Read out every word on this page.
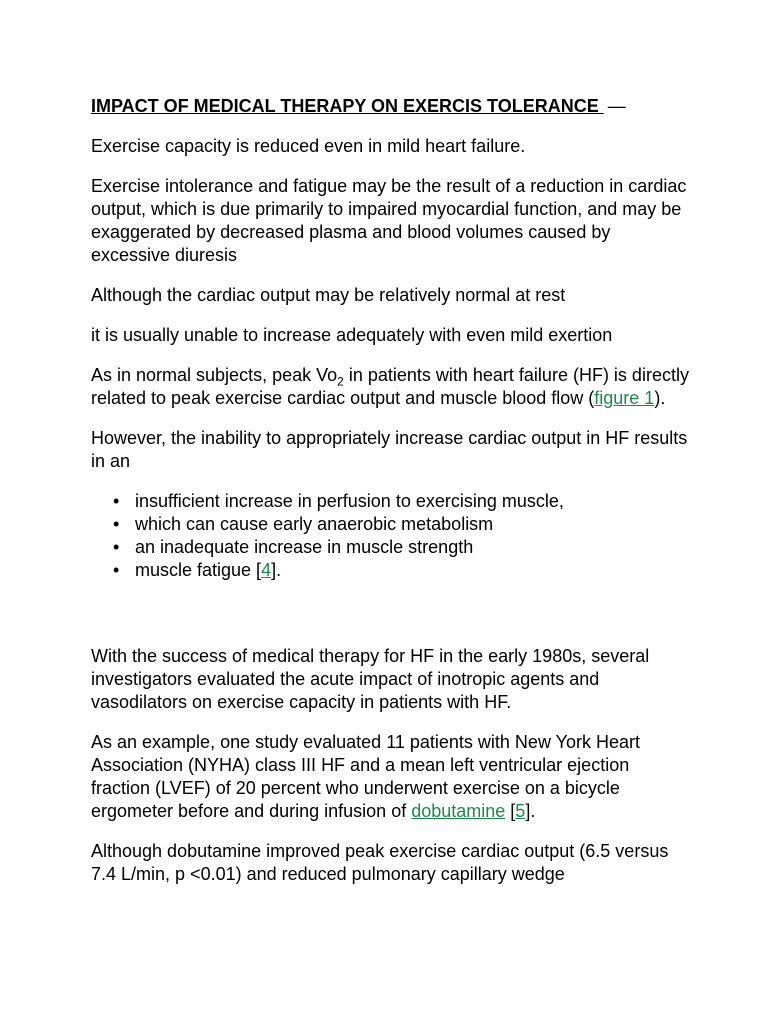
IMPACT OF MEDICAL THERAPY ON EXERCIS TOLERANCE —

Exercise capacity is reduced even in mild heart failure.

Exercise intolerance and fatigue may be the result of a reduction in cardiac output, which is due primarily to impaired myocardial function, and may be exaggerated by decreased plasma and blood volumes caused by excessive diuresis

Although the cardiac output may be relatively normal at rest

it is usually unable to increase adequately with even mild exertion

As in normal subjects, peak $Vo_2$ in patients with heart failure (HF) is directly related to peak exercise cardiac output and muscle blood flow (figure 1).

However, the inability to appropriately increase cardiac output in HF results in an

• insufficient increase in perfusion to exercising muscle,
• which can cause early anaerobic metabolism
• an inadequate increase in muscle strength
• muscle fatigue [4].

With the success of medical therapy for HF in the early 1980s, several investigators evaluated the acute impact of inotropic agents and vasodilators on exercise capacity in patients with HF.

As an example, one study evaluated 11 patients with New York Heart Association (NYHA) class III HF and a mean left ventricular ejection fraction (LVEF) of 20 percent who underwent exercise on a bicycle ergometer before and during infusion of dobutamine [5].

Although dobutamine improved peak exercise cardiac output (6.5 versus 7.4 L/min, p <0.01) and reduced pulmonary capillary wedge
